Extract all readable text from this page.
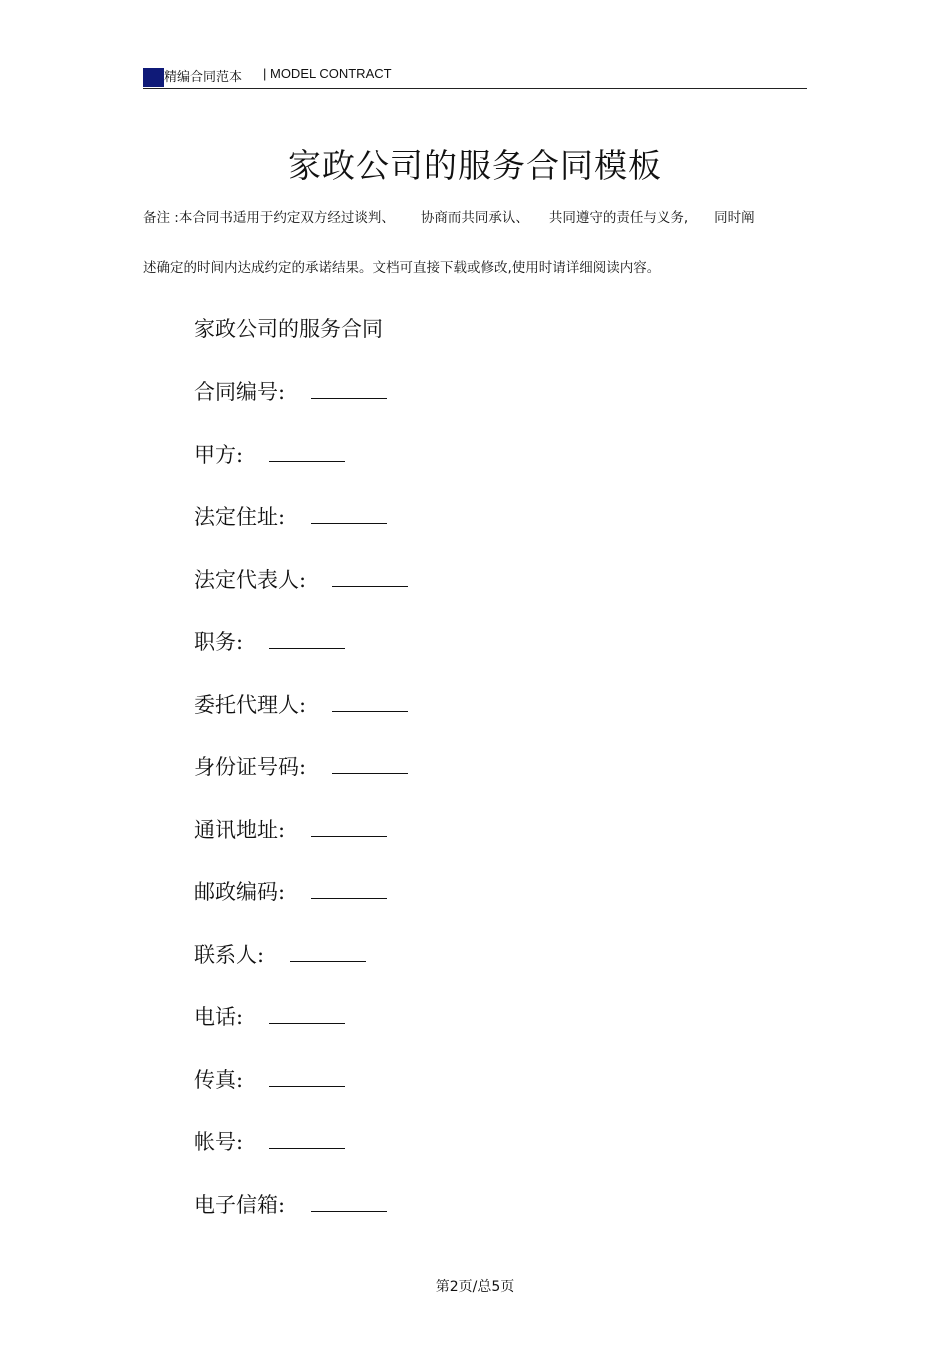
精编合同范本 | MODEL CONTRACT
家政公司的服务合同模板
备注 :本合同书适用于约定双方经过谈判、 协商而共同承认、 共同遵守的责任与义务, 同时阐
述确定的时间内达成约定的承诺结果。文档可直接下载或修改,使用时请详细阅读内容。
家政公司的服务合同
合同编号:
甲方:
法定住址:
法定代表人:
职务:
委托代理人:
身份证号码:
通讯地址:
邮政编码:
联系人:
电话:
传真:
帐号:
电子信箱:
第2页/总5页
